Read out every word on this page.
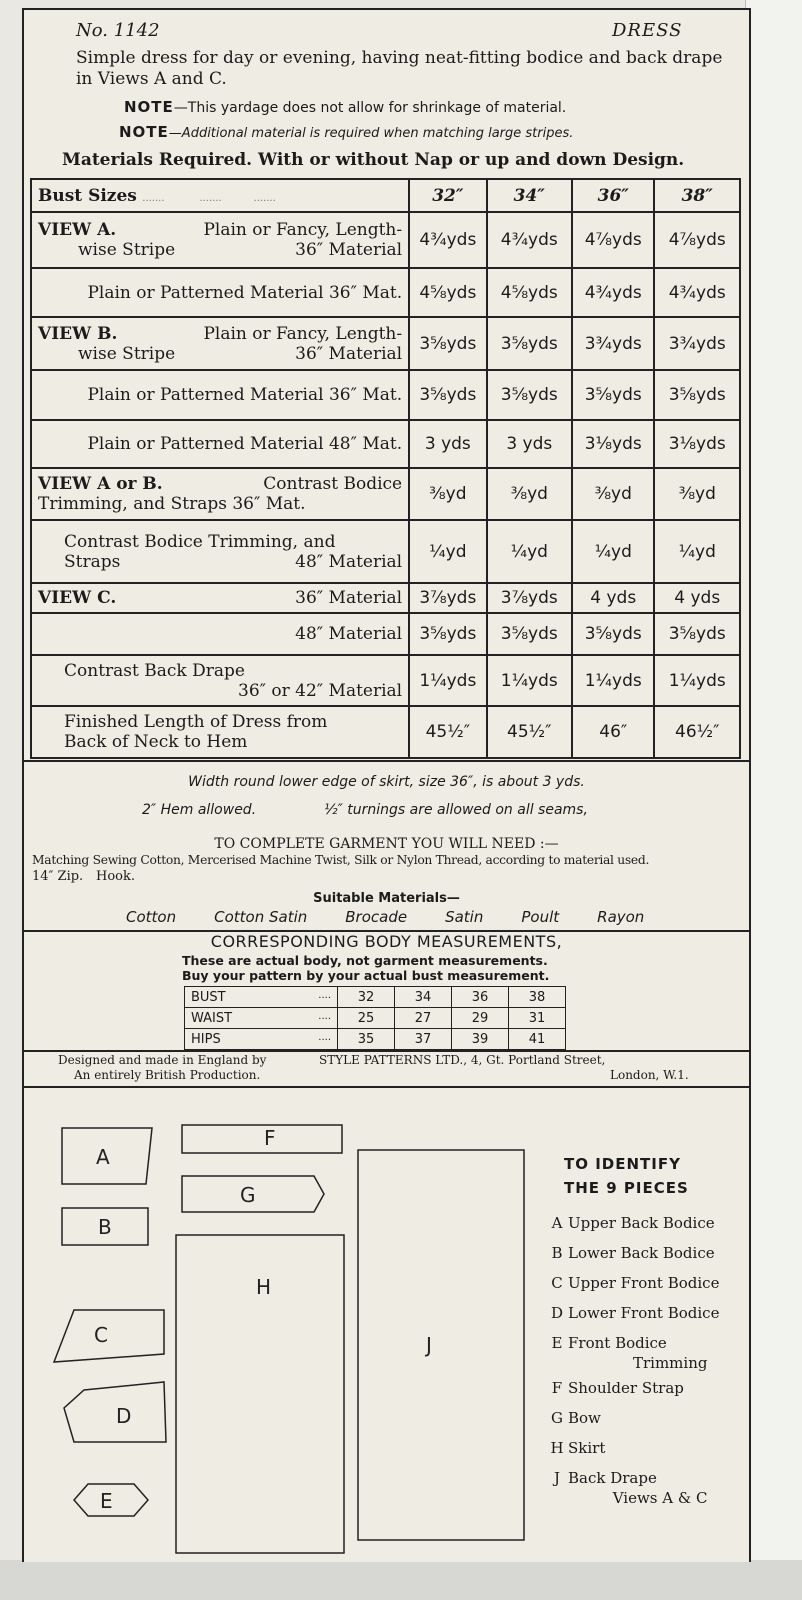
No. 1142	DRESS
Simple dress for day or evening, having neat-fitting bodice and back drape in Views A and C.
NOTE—This yardage does not allow for shrinkage of material.
NOTE—Additional material is required when matching large stripes.
Materials Required. With or without Nap or up and down Design.
Bust Sizes .......           .......          .......	32″	34″	36″	38″

VIEW A. Plain or Fancy, Length-
wise Stripe 36″ Material	4¾yds	4¾yds	4⅞yds	4⅞yds

Plain or Patterned Material 36″ Mat.	4⅝yds	4⅝yds	4¾yds	4¾yds

VIEW B. Plain or Fancy, Length-
wise Stripe 36″ Material	3⅝yds	3⅝yds	3¾yds	3¾yds

Plain or Patterned Material 36″ Mat.	3⅝yds	3⅝yds	3⅝yds	3⅝yds

Plain or Patterned Material 48″ Mat.	3 yds	3 yds	3⅛yds	3⅛yds

VIEW A or B. Contrast Bodice
Trimming, and Straps 36″ Mat.	⅜yd	⅜yd	⅜yd	⅜yd

Contrast Bodice Trimming, and
Straps 48″ Material	¼yd	¼yd	¼yd	¼yd

VIEW C. 36″ Material	3⅞yds	3⅞yds	4 yds	4 yds

48″ Material	3⅝yds	3⅝yds	3⅝yds	3⅝yds

Contrast Back Drape
36″ or 42″ Material	1¼yds	1¼yds	1¼yds	1¼yds

Finished Length of Dress from
Back of Neck to Hem	45½″	45½″	46″	46½″
Width round lower edge of skirt, size 36″, is about 3 yds.
2″ Hem allowed.	½″ turnings are allowed on all seams,
TO COMPLETE GARMENT YOU WILL NEED :—
Matching Sewing Cotton, Mercerised Machine Twist, Silk or Nylon Thread, according to material used.
14″ Zip. Hook.
Suitable Materials—
Cotton	Cotton Satin	Brocade	Satin	Poult	Rayon
CORRESPONDING BODY MEASUREMENTS,
These are actual body, not garment measurements.
Buy your pattern by your actual bust measurement.
BUST ....	32	34	36	38
WAIST ....	25	27	29	31
HIPS ....	35	37	39	41
Designed and made in England by
An entirely British Production.
STYLE PATTERNS LTD., 4, Gt. Portland Street,
London, W.1.
A
B
C
D
E
F
G
H
J
TO IDENTIFY
THE 9 PIECES
A Upper Back Bodice
B Lower Back Bodice
C Upper Front Bodice
D Lower Front Bodice
E Front Bodice
Trimming
F Shoulder Strap
G Bow
H Skirt
J Back Drape
Views A & C
